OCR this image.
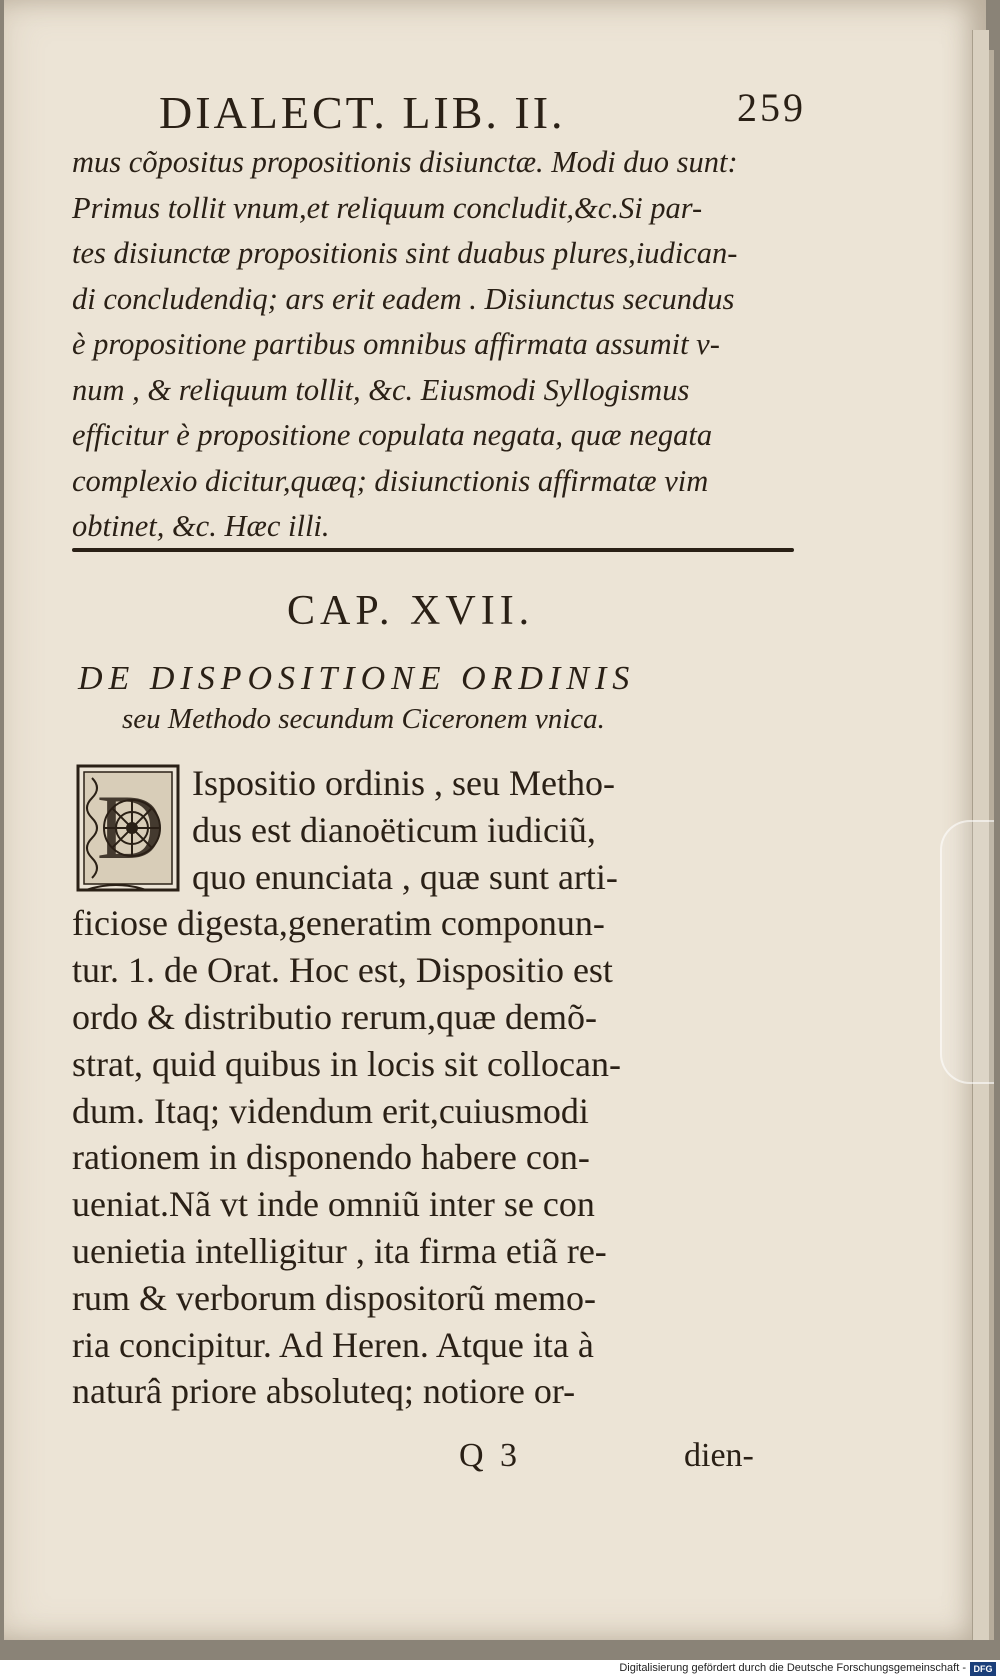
DIALECT. LIB. II.	259
mus cõpositus propositionis disiunctæ. Modi duo sunt:
Primus tollit vnum,et reliquum concludit,&c.Si par-
tes disiunctæ propositionis sint duabus plures,iudican-
di concludendiq; ars erit eadem . Disiunctus secundus
è propositione partibus omnibus affirmata assumit v-
num , & reliquum tollit, &c. Eiusmodi Syllogismus
efficitur è propositione copulata negata, quæ negata
complexio dicitur,quæq; disiunctionis affirmatæ vim
obtinet, &c. Hæc illi.
CAP. XVII.
DE DISPOSITIONE ORDINIS
seu Methodo secundum Ciceronem vnica.
D Ispositio ordinis , seu Metho-
dus est dianoëticum iudiciũ,
quo enunciata , quæ sunt arti-
ficiose digesta,generatim componun-
tur. 1. de Orat. Hoc est, Dispositio est
ordo & distributio rerum,quæ demõ-
strat, quid quibus in locis sit collocan-
dum. Itaq; videndum erit,cuiusmodi
rationem in disponendo habere con-
ueniat.Nã vt inde omniũ inter se con
uenietia intelligitur , ita firma etiã re-
rum & verborum dispositorũ memo-
ria concipitur. Ad Heren. Atque ita à
naturâ priore absoluteq; notiore or-
Q 3	dien-
Digitalisierung gefördert durch die Deutsche Forschungsgemeinschaft - DFG
